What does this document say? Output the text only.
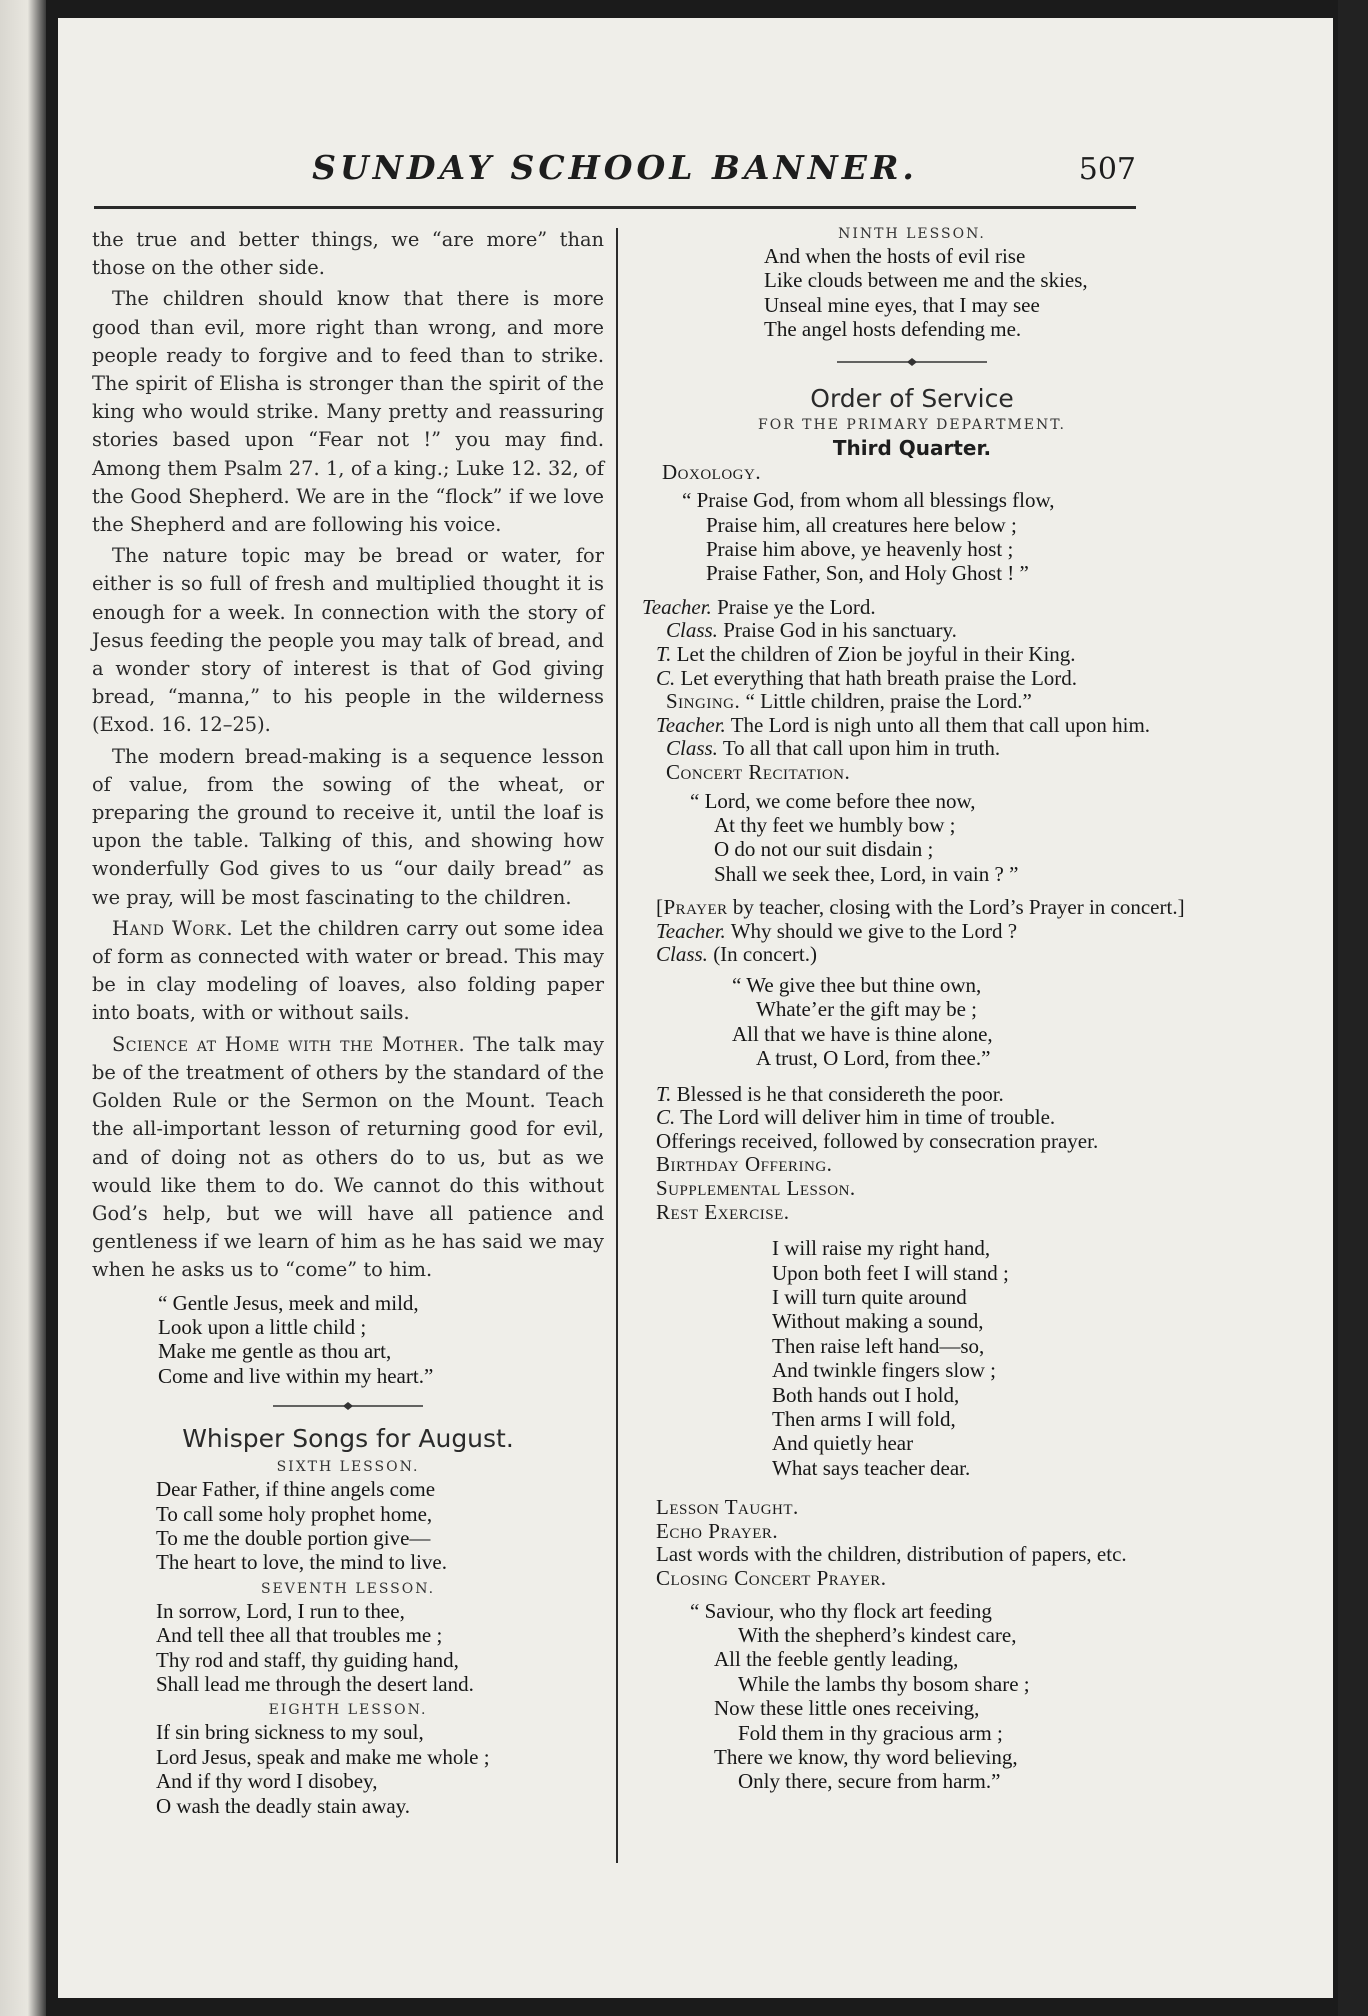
SUNDAY SCHOOL BANNER.	507

the true and better things, we “are more” than those on the other side.

The children should know that there is more good than evil, more right than wrong, and more people ready to forgive and to feed than to strike. The spirit of Elisha is stronger than the spirit of the king who would strike. Many pretty and reassuring stories based upon “Fear not !” you may find. Among them Psalm 27. 1, of a king.; Luke 12. 32, of the Good Shepherd. We are in the “flock” if we love the Shepherd and are following his voice.

The nature topic may be bread or water, for either is so full of fresh and multiplied thought it is enough for a week. In connection with the story of Jesus feeding the people you may talk of bread, and a wonder story of interest is that of God giving bread, “manna,” to his people in the wilderness (Exod. 16. 12–25).

The modern bread-making is a sequence lesson of value, from the sowing of the wheat, or preparing the ground to receive it, until the loaf is upon the table. Talking of this, and showing how wonderfully God gives to us “our daily bread” as we pray, will be most fascinating to the children.

Hand Work. Let the children carry out some idea of form as connected with water or bread. This may be in clay modeling of loaves, also folding paper into boats, with or without sails.

Science at Home with the Mother. The talk may be of the treatment of others by the standard of the Golden Rule or the Sermon on the Mount. Teach the all-important lesson of returning good for evil, and of doing not as others do to us, but as we would like them to do. We cannot do this without God’s help, but we will have all patience and gentleness if we learn of him as he has said we may when he asks us to “come” to him.

“ Gentle Jesus, meek and mild,
Look upon a little child ;
Make me gentle as thou art,
Come and live within my heart.”
Whisper Songs for August.
SIXTH LESSON.
Dear Father, if thine angels come
To call some holy prophet home,
To me the double portion give—
The heart to love, the mind to live.
SEVENTH LESSON.
In sorrow, Lord, I run to thee,
And tell thee all that troubles me ;
Thy rod and staff, thy guiding hand,
Shall lead me through the desert land.
EIGHTH LESSON.
If sin bring sickness to my soul,
Lord Jesus, speak and make me whole ;
And if thy word I disobey,
O wash the deadly stain away.
NINTH LESSON.
And when the hosts of evil rise
Like clouds between me and the skies,
Unseal mine eyes, that I may see
The angel hosts defending me.
Order of Service
FOR THE PRIMARY DEPARTMENT.
Third Quarter.
Doxology.
“ Praise God, from whom all blessings flow,
Praise him, all creatures here below ;
Praise him above, ye heavenly host ;
Praise Father, Son, and Holy Ghost ! ”
Teacher. Praise ye the Lord.
Class. Praise God in his sanctuary.
T. Let the children of Zion be joyful in their King.
C. Let everything that hath breath praise the Lord.
Singing. “ Little children, praise the Lord.”
Teacher. The Lord is nigh unto all them that call upon him.
Class. To all that call upon him in truth.
Concert Recitation.
“ Lord, we come before thee now,
At thy feet we humbly bow ;
O do not our suit disdain ;
Shall we seek thee, Lord, in vain ? ”
[Prayer by teacher, closing with the Lord’s Prayer in concert.]
Teacher. Why should we give to the Lord ?
Class. (In concert.)
“ We give thee but thine own,
Whate’er the gift may be ;
All that we have is thine alone,
A trust, O Lord, from thee.”
T. Blessed is he that considereth the poor.
C. The Lord will deliver him in time of trouble.
Offerings received, followed by consecration prayer.
Birthday Offering.
Supplemental Lesson.
Rest Exercise.
I will raise my right hand,
Upon both feet I will stand ;
I will turn quite around
Without making a sound,
Then raise left hand—so,
And twinkle fingers slow ;
Both hands out I hold,
Then arms I will fold,
And quietly hear
What says teacher dear.
Lesson Taught.
Echo Prayer.
Last words with the children, distribution of papers, etc.
Closing Concert Prayer.
“ Saviour, who thy flock art feeding
With the shepherd’s kindest care,
All the feeble gently leading,
While the lambs thy bosom share ;
Now these little ones receiving,
Fold them in thy gracious arm ;
There we know, thy word believing,
Only there, secure from harm.”
